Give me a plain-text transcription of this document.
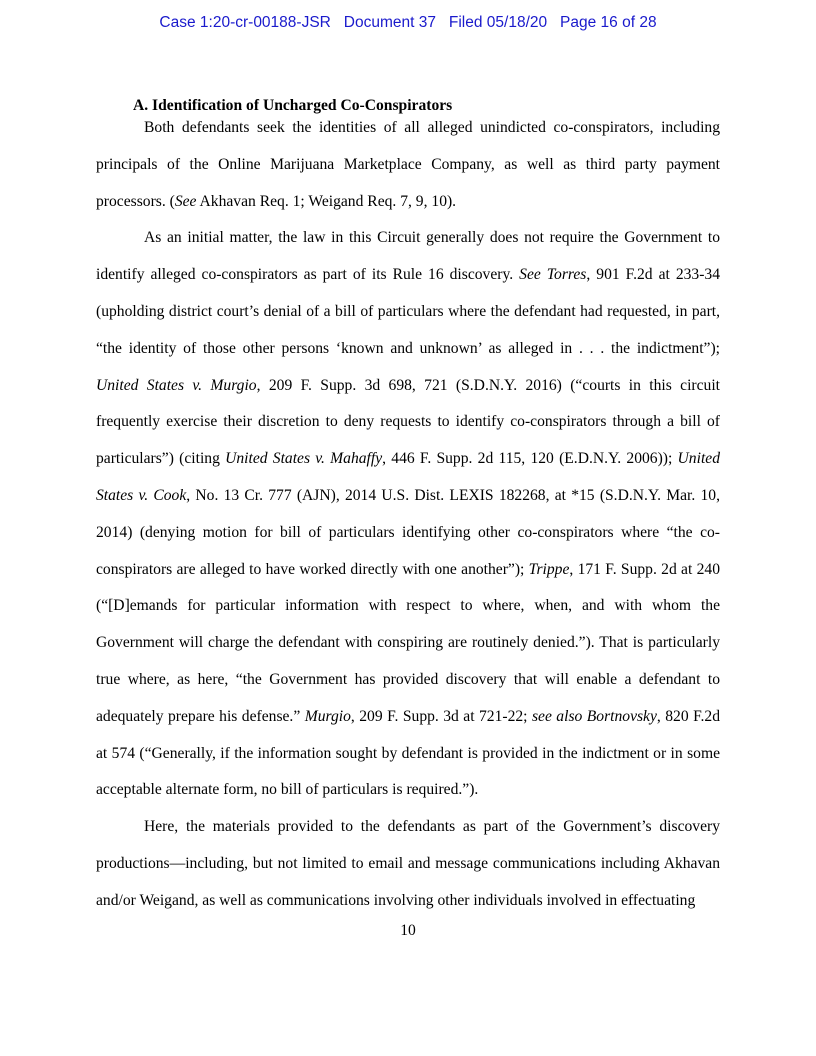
Case 1:20-cr-00188-JSR   Document 37   Filed 05/18/20   Page 16 of 28

A. Identification of Uncharged Co-Conspirators

Both defendants seek the identities of all alleged unindicted co-conspirators, including principals of the Online Marijuana Marketplace Company, as well as third party payment processors. (See Akhavan Req. 1; Weigand Req. 7, 9, 10).

As an initial matter, the law in this Circuit generally does not require the Government to identify alleged co-conspirators as part of its Rule 16 discovery. See Torres, 901 F.2d at 233-34 (upholding district court’s denial of a bill of particulars where the defendant had requested, in part, “the identity of those other persons ‘known and unknown’ as alleged in . . . the indictment”); United States v. Murgio, 209 F. Supp. 3d 698, 721 (S.D.N.Y. 2016) (“courts in this circuit frequently exercise their discretion to deny requests to identify co-conspirators through a bill of particulars”) (citing United States v. Mahaffy, 446 F. Supp. 2d 115, 120 (E.D.N.Y. 2006)); United States v. Cook, No. 13 Cr. 777 (AJN), 2014 U.S. Dist. LEXIS 182268, at *15 (S.D.N.Y. Mar. 10, 2014) (denying motion for bill of particulars identifying other co-conspirators where “the co-conspirators are alleged to have worked directly with one another”); Trippe, 171 F. Supp. 2d at 240 (“[D]emands for particular information with respect to where, when, and with whom the Government will charge the defendant with conspiring are routinely denied.”). That is particularly true where, as here, “the Government has provided discovery that will enable a defendant to adequately prepare his defense.” Murgio, 209 F. Supp. 3d at 721-22; see also Bortnovsky, 820 F.2d at 574 (“Generally, if the information sought by defendant is provided in the indictment or in some acceptable alternate form, no bill of particulars is required.”).

Here, the materials provided to the defendants as part of the Government’s discovery productions—including, but not limited to email and message communications including Akhavan and/or Weigand, as well as communications involving other individuals involved in effectuating

10
